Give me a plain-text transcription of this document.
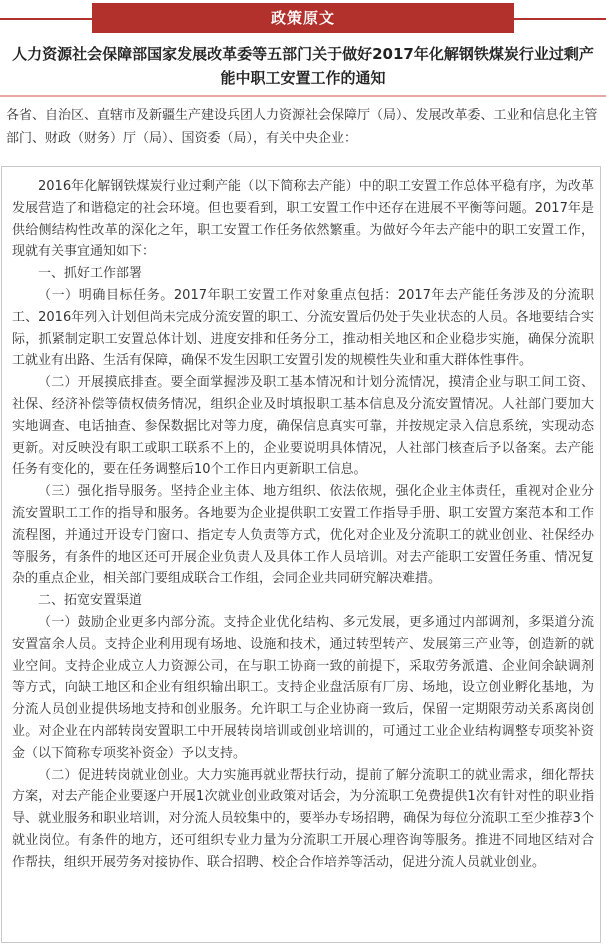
政策原文
人力资源社会保障部国家发展改革委等五部门关于做好2017年化解钢铁煤炭行业过剩产能中职工安置工作的通知
各省、自治区、直辖市及新疆生产建设兵团人力资源社会保障厅（局）、发展改革委、工业和信息化主管部门、财政（财务）厅（局）、国资委（局），有关中央企业：

2016年化解钢铁煤炭行业过剩产能（以下简称去产能）中的职工安置工作总体平稳有序，为改革发展营造了和谐稳定的社会环境。但也要看到，职工安置工作中还存在进展不平衡等问题。2017年是供给侧结构性改革的深化之年，职工安置工作任务依然繁重。为做好今年去产能中的职工安置工作，现就有关事宜通知如下：

一、抓好工作部署

（一）明确目标任务。2017年职工安置工作对象重点包括：2017年去产能任务涉及的分流职工、2016年列入计划但尚未完成分流安置的职工、分流安置后仍处于失业状态的人员。各地要结合实际，抓紧制定职工安置总体计划、进度安排和任务分工，推动相关地区和企业稳步实施，确保分流职工就业有出路、生活有保障，确保不发生因职工安置引发的规模性失业和重大群体性事件。

（二）开展摸底排查。要全面掌握涉及职工基本情况和计划分流情况，摸清企业与职工间工资、社保、经济补偿等债权债务情况，组织企业及时填报职工基本信息及分流安置情况。人社部门要加大实地调查、电话抽查、参保数据比对等力度，确保信息真实可靠，并按规定录入信息系统，实现动态更新。对反映没有职工或职工联系不上的，企业要说明具体情况，人社部门核查后予以备案。去产能任务有变化的，要在任务调整后10个工作日内更新职工信息。

（三）强化指导服务。坚持企业主体、地方组织、依法依规，强化企业主体责任，重视对企业分流安置职工工作的指导和服务。各地要为企业提供职工安置工作指导手册、职工安置方案范本和工作流程图，并通过开设专门窗口、指定专人负责等方式，优化对企业及分流职工的就业创业、社保经办等服务，有条件的地区还可开展企业负责人及具体工作人员培训。对去产能职工安置任务重、情况复杂的重点企业，相关部门要组成联合工作组，会同企业共同研究解决难措。

二、拓宽安置渠道

（一）鼓励企业更多内部分流。支持企业优化结构、多元发展，更多通过内部调剂，多渠道分流安置富余人员。支持企业利用现有场地、设施和技术，通过转型转产、发展第三产业等，创造新的就业空间。支持企业成立人力资源公司，在与职工协商一致的前提下，采取劳务派遣、企业间余缺调剂等方式，向缺工地区和企业有组织输出职工。支持企业盘活原有厂房、场地，设立创业孵化基地，为分流人员创业提供场地支持和创业服务。允许职工与企业协商一致后，保留一定期限劳动关系离岗创业。对企业在内部转岗安置职工中开展转岗培训或创业培训的，可通过工业企业结构调整专项奖补资金（以下简称专项奖补资金）予以支持。

（二）促进转岗就业创业。大力实施再就业帮扶行动，提前了解分流职工的就业需求，细化帮扶方案，对去产能企业要逐户开展1次就业创业政策对话会，为分流职工免费提供1次有针对性的职业指导、就业服务和职业培训，对分流人员较集中的，要举办专场招聘，确保为每位分流职工至少推荐3个就业岗位。有条件的地方，还可组织专业力量为分流职工开展心理咨询等服务。推进不同地区结对合作帮扶，组织开展劳务对接协作、联合招聘、校企合作培养等活动，促进分流人员就业创业。
